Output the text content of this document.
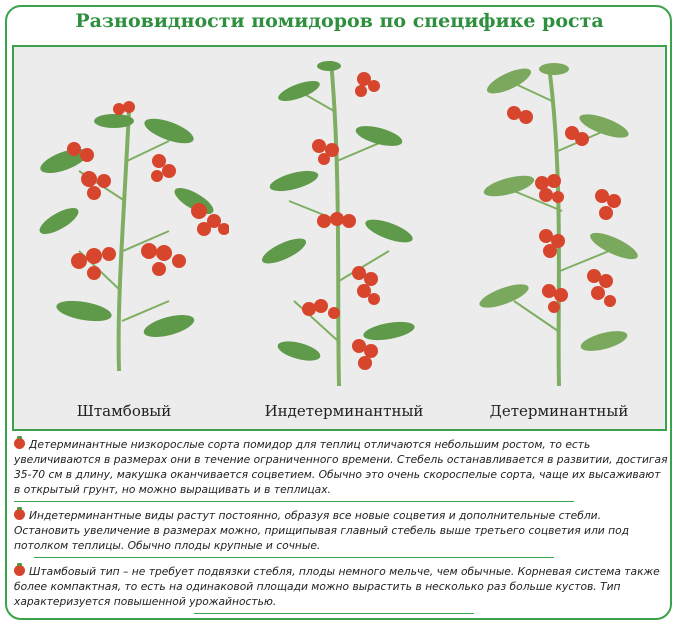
Разновидности помидоров по специфике роста
Штамбовый	Индетерминантный	Детерминантный
Детерминантные низкорослые сорта помидор для теплиц отличаются небольшим ростом, то есть увеличиваются в размерах они в течение ограниченного времени. Стебель останавливается в развитии, достигая 35-70 см в длину, макушка оканчивается соцветием. Обычно это очень скороспелые сорта, чаще их высаживают в открытый грунт, но можно выращивать и в теплицах.
Индетерминантные виды растут постоянно, образуя все новые соцветия и дополнительные стебли. Остановить увеличение в размерах можно, прищипывая главный стебель выше третьего соцветия или под потолком теплицы. Обычно плоды крупные и сочные.
Штамбовый тип – не требует подвязки стебля, плоды немного мельче, чем обычные. Корневая система также более компактная, то есть на одинаковой площади можно вырастить в несколько раз больше кустов. Тип характеризуется повышенной урожайностью.
